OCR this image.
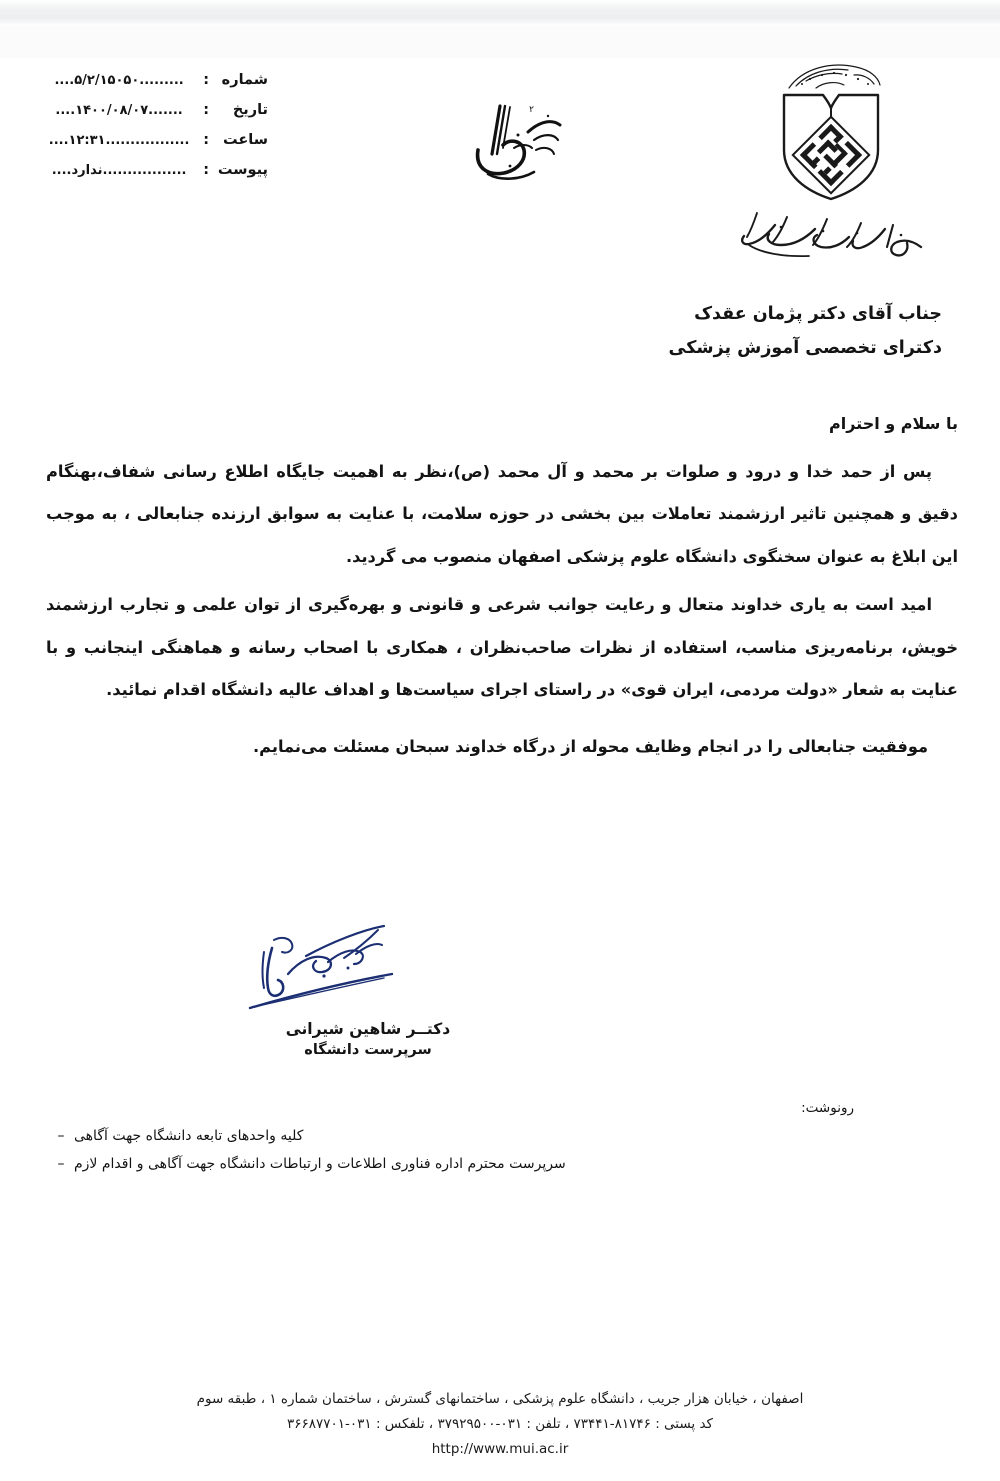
شماره
:
....۵/۲/۱۵۰۵۰.........
تاریخ
:
....۱۴۰۰/۰۸/۰۷.......
ساعت
:
....۱۲:۳۱.................
پیوست
:
....ندارد.................
٢
جناب آقای دکتر پژمان عقدک
دکترای تخصصی آموزش پزشکی
با سلام و احترام

پس از حمد خدا و درود و صلوات بر محمد و آل محمد (ص)،نظر به اهمیت جایگاه اطلاع رسانی شفاف،بهنگام دقیق و همچنین تاثیر ارزشمند تعاملات بین بخشی در حوزه سلامت، با عنایت به سوابق ارزنده جنابعالی ، به موجب این ابلاغ به عنوان سخنگوی دانشگاه علوم پزشکی اصفهان منصوب می گردید.

امید است به یاری خداوند متعال و رعایت جوانب شرعی و قانونی و بهره‌گیری از توان علمی و تجارب ارزشمند خویش، برنامه‌ریزی مناسب، استفاده از نظرات صاحب‌نظران ، همکاری با اصحاب رسانه و هماهنگی اینجانب و با عنایت به شعار «دولت مردمی، ایران قوی» در راستای اجرای سیاست‌ها و اهداف عالیه دانشگاه اقدام نمائید.

موفقیت جنابعالی را در انجام وظایف محوله از درگاه خداوند سبحان مسئلت می‌نمایم.

دکتــر شاهین شیرانی
سرپرست دانشگاه
رونوشت:
کلیه واحدهای تابعه دانشگاه جهت آگاهی
–
سرپرست محترم اداره فناوری اطلاعات و ارتباطات دانشگاه جهت آگاهی و اقدام لازم
–
اصفهان ، خیابان هزار جریب ، دانشگاه علوم پزشکی ، ساختمانهای گسترش ، ساختمان شماره ۱ ، طبقه سوم
کد پستی : ۸۱۷۴۶-۷۳۴۴۱ ، تلفن : ۰۳۱-۳۷۹۲۹۵۰۰ ، تلفکس : ۰۳۱-۳۶۶۸۷۷۰۱
http://www.mui.ac.ir
